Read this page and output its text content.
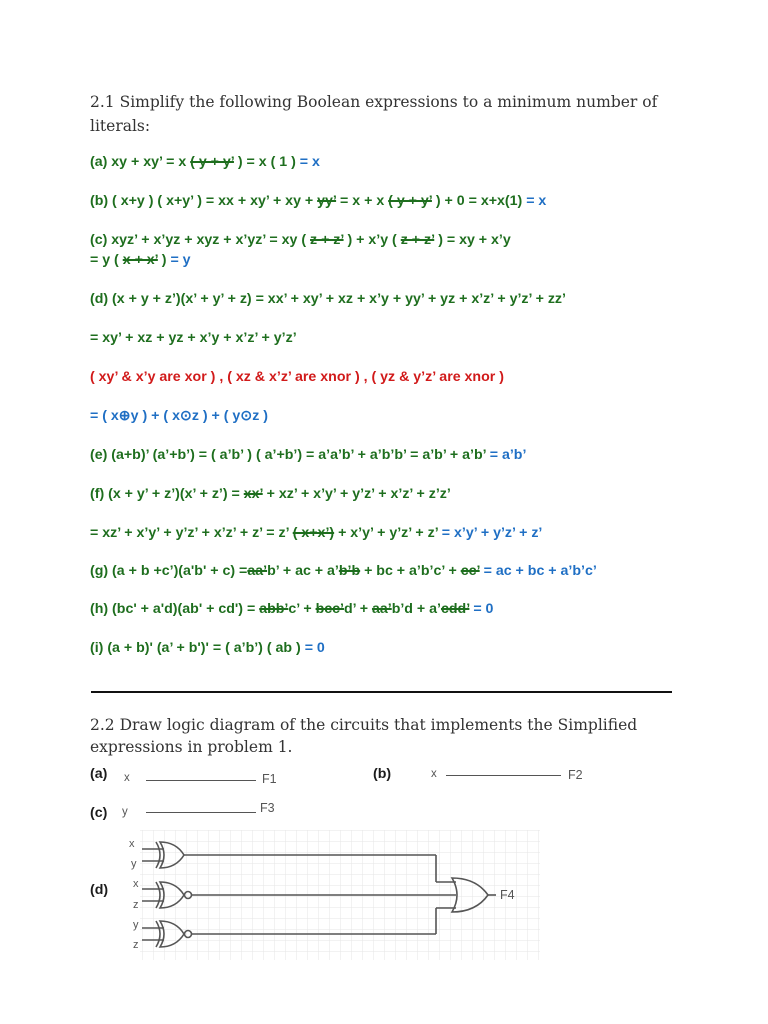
2.1 Simplify the following Boolean expressions to a minimum number of
literals:
(a) xy + xy’ = x ( y + y’ ) = x ( 1 ) = x
(b) ( x+y ) ( x+y’ ) = xx + xy’ + xy + yy’ = x + x ( y + y’ ) + 0 = x+x(1) = x
(c) xyz’ + x’yz + xyz + x’yz’ = xy ( z + z’ ) + x’y ( z + z’ ) = xy + x’y
= y ( x + x’ ) = y
(d) (x + y + z’)(x’ + y’ + z) = xx’ + xy’ + xz + x’y + yy’ + yz + x’z’ + y’z’ + zz’
= xy’ + xz + yz + x’y + x’z’ + y’z’
( xy’ & x’y are xor ) , ( xz & x’z’ are xnor ) , ( yz & y’z’ are xnor )
= ( x⊕y ) + ( x⊙z ) + ( y⊙z )
(e) (a+b)’ (a’+b’) = ( a’b’ ) ( a’+b’) = a’a’b’ + a’b’b’ = a’b’ + a’b’ = a’b’
(f) (x + y’ + z’)(x’ + z’) = xx’ + xz’ + x’y’ + y’z’ + x’z’ + z’z’
= xz’ + x’y’ + y’z’ + x’z’ + z’ = z’ ( x+x’) + x’y’ + y’z’ + z’ = x’y’ + y’z’ + z’
(g) (a + b +c’)(a'b' + c) =aa’b’ + ac + a’b’b + bc + a’b’c’ + cc’ = ac + bc + a’b’c’
(h) (bc' + a'd)(ab' + cd') = abb’c’ + bcc’d’ + aa’b’d + a’cdd’ = 0
(i) (a + b)' (a’ + b')' = ( a’b’) ( ab ) = 0
2.2 Draw logic diagram of the circuits that implements the Simplified
expressions in problem 1.
(a) x	F1	(b)	x	F2
(c) y	F3
(d)
x
y
x
z
y
z
F4
